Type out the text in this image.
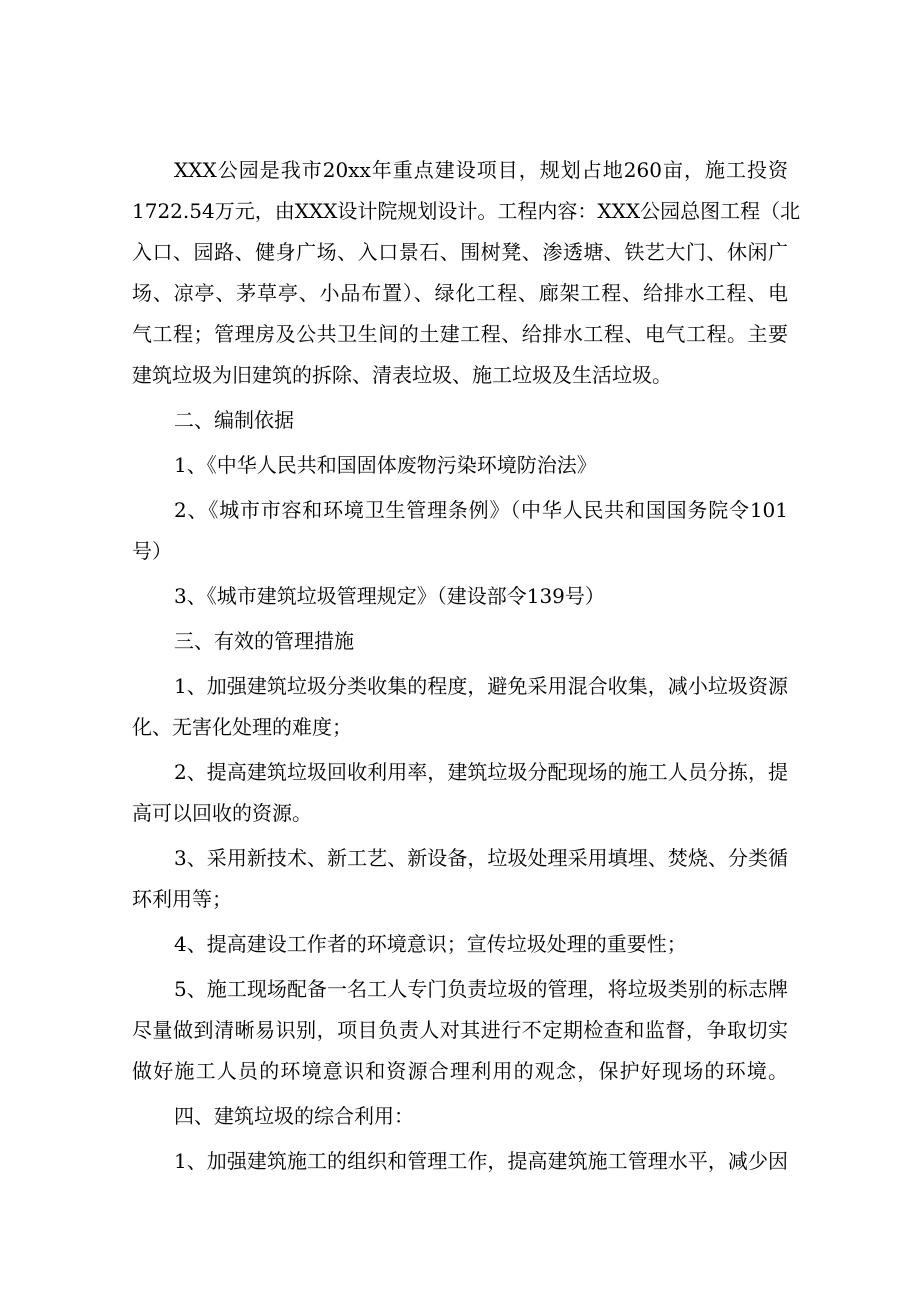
XXX公园是我市20xx年重点建设项目，规划占地260亩，施工投资
1722.54万元，由XXX设计院规划设计。工程内容：XXX公园总图工程（北
入口、园路、健身广场、入口景石、围树凳、渗透塘、铁艺大门、休闲广
场、凉亭、茅草亭、小品布置）、绿化工程、廊架工程、给排水工程、电
气工程；管理房及公共卫生间的土建工程、给排水工程、电气工程。主要
建筑垃圾为旧建筑的拆除、清表垃圾、施工垃圾及生活垃圾。
二、编制依据
1、《中华人民共和国固体废物污染环境防治法》
2、《城市市容和环境卫生管理条例》（中华人民共和国国务院令101
号）
3、《城市建筑垃圾管理规定》（建设部令139号）
三、有效的管理措施
1、加强建筑垃圾分类收集的程度，避免采用混合收集，减小垃圾资源
化、无害化处理的难度；
2、提高建筑垃圾回收利用率，建筑垃圾分配现场的施工人员分拣，提
高可以回收的资源。
3、采用新技术、新工艺、新设备，垃圾处理采用填埋、焚烧、分类循
环利用等；
4、提高建设工作者的环境意识；宣传垃圾处理的重要性；
5、施工现场配备一名工人专门负责垃圾的管理，将垃圾类别的标志牌
尽量做到清晰易识别，项目负责人对其进行不定期检查和监督，争取切实
做好施工人员的环境意识和资源合理利用的观念，保护好现场的环境。
四、建筑垃圾的综合利用：
1、加强建筑施工的组织和管理工作，提高建筑施工管理水平，减少因
